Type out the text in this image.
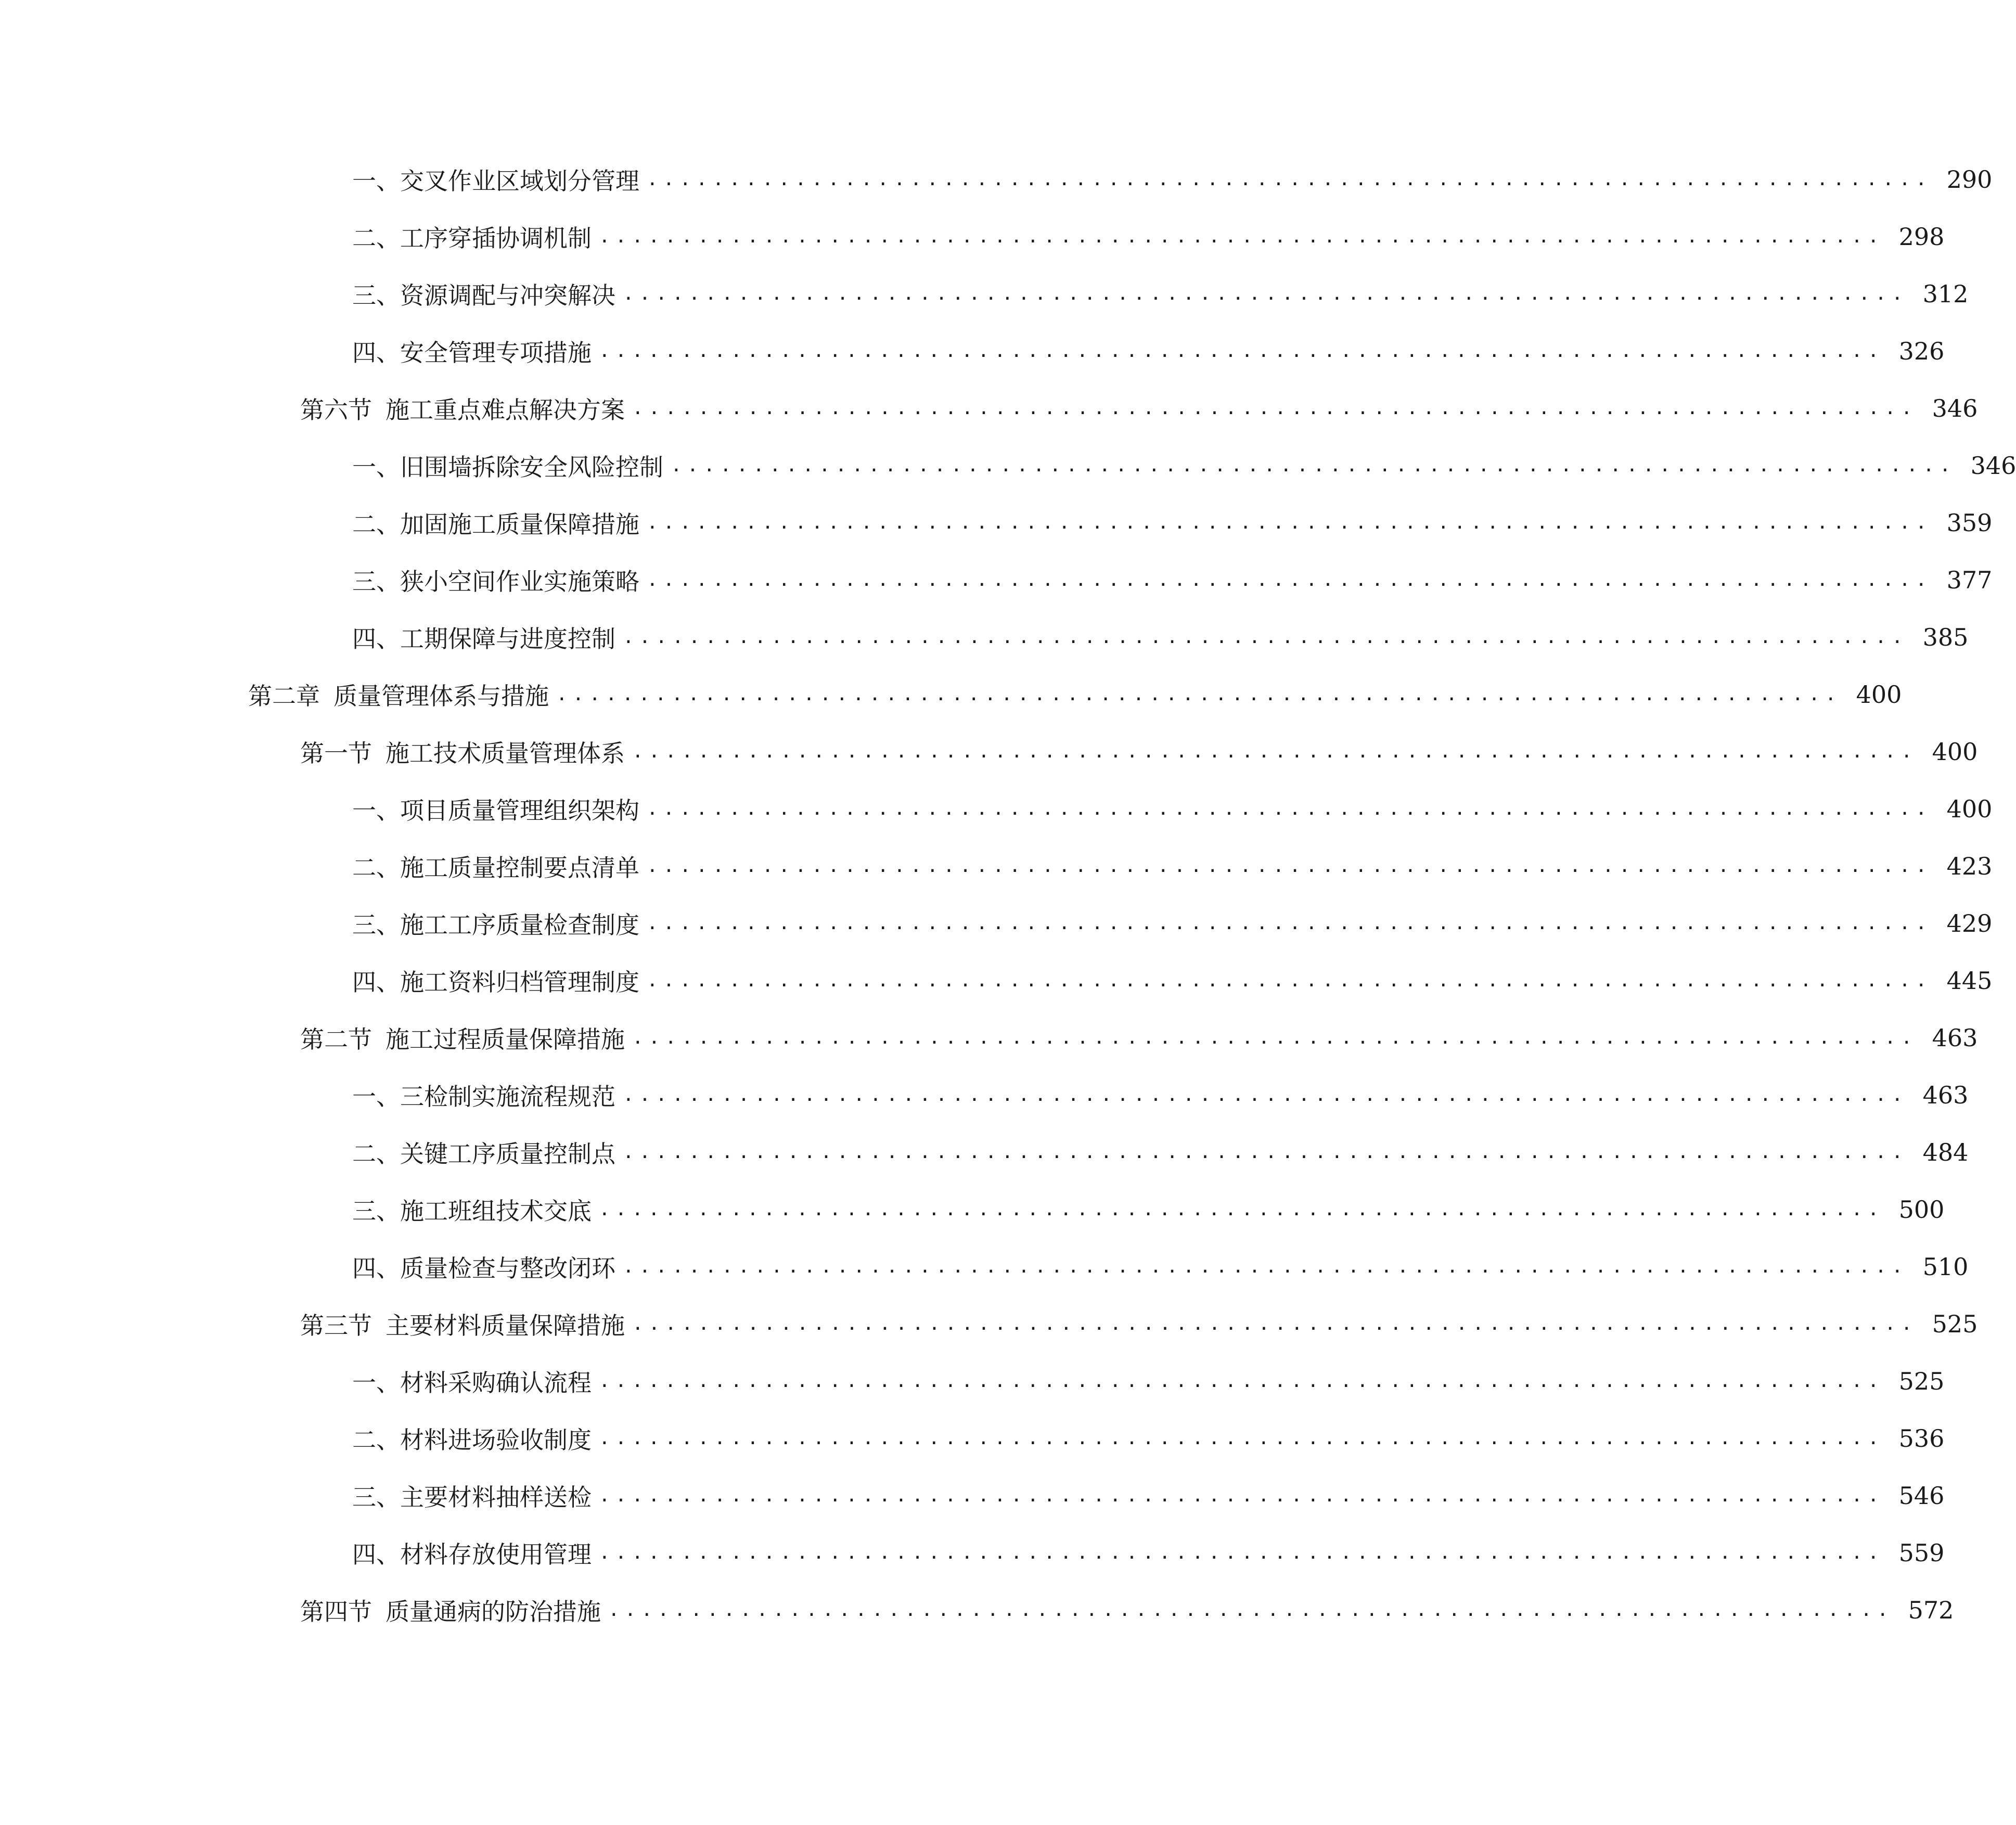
一、 交叉作业区域划分管理 .............................................................................. 290
二、 工序穿插协调机制 .............................................................................. 298
三、 资源调配与冲突解决 .............................................................................. 312
四、 安全管理专项措施 .............................................................................. 326
第六节 施工重点难点解决方案 .............................................................................. 346
一、 旧围墙拆除安全风险控制 .............................................................................. 346
二、 加固施工质量保障措施 .............................................................................. 359
三、 狭小空间作业实施策略 .............................................................................. 377
四、 工期保障与进度控制 .............................................................................. 385
第二章 质量管理体系与措施 .............................................................................. 400
第一节 施工技术质量管理体系 .............................................................................. 400
一、 项目质量管理组织架构 .............................................................................. 400
二、 施工质量控制要点清单 .............................................................................. 423
三、 施工工序质量检查制度 .............................................................................. 429
四、 施工资料归档管理制度 .............................................................................. 445
第二节 施工过程质量保障措施 .............................................................................. 463
一、 三检制实施流程规范 .............................................................................. 463
二、 关键工序质量控制点 .............................................................................. 484
三、 施工班组技术交底 .............................................................................. 500
四、 质量检查与整改闭环 .............................................................................. 510
第三节 主要材料质量保障措施 .............................................................................. 525
一、 材料采购确认流程 .............................................................................. 525
二、 材料进场验收制度 .............................................................................. 536
三、 主要材料抽样送检 .............................................................................. 546
四、 材料存放使用管理 .............................................................................. 559
第四节 质量通病的防治措施 .............................................................................. 572
